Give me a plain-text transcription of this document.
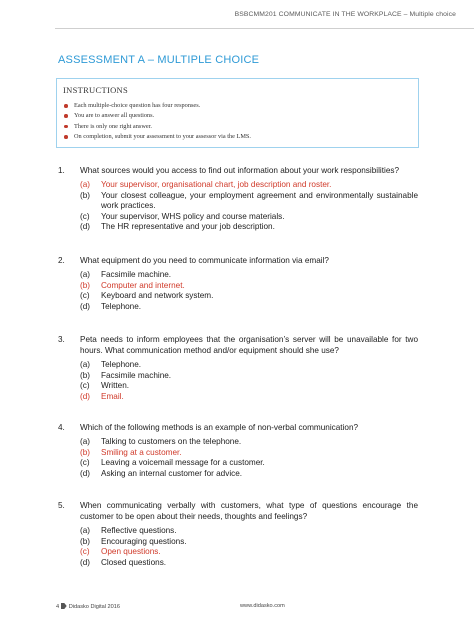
BSBCMM201 COMMUNICATE IN THE WORKPLACE – Multiple choice
ASSESSMENT A – MULTIPLE CHOICE
INSTRUCTIONS
Each multiple-choice question has four responses.
You are to answer all questions.
There is only one right answer.
On completion, submit your assessment to your assessor via the LMS.
1. What sources would you access to find out information about your work responsibilities?
(a) Your supervisor, organisational chart, job description and roster.
(b) Your closest colleague, your employment agreement and environmentally sustainable work practices.
(c) Your supervisor, WHS policy and course materials.
(d) The HR representative and your job description.
2. What equipment do you need to communicate information via email?
(a) Facsimile machine.
(b) Computer and internet.
(c) Keyboard and network system.
(d) Telephone.
3. Peta needs to inform employees that the organisation’s server will be unavailable for two hours. What communication method and/or equipment should she use?
(a) Telephone.
(b) Facsimile machine.
(c) Written.
(d) Email.
4. Which of the following methods is an example of non-verbal communication?
(a) Talking to customers on the telephone.
(b) Smiling at a customer.
(c) Leaving a voicemail message for a customer.
(d) Asking an internal customer for advice.
5. When communicating verbally with customers, what type of questions encourage the customer to be open about their needs, thoughts and feelings?
(a) Reflective questions.
(b) Encouraging questions.
(c) Open questions.
(d) Closed questions.
4 Didasko Digital 2016	www.didasko.com
